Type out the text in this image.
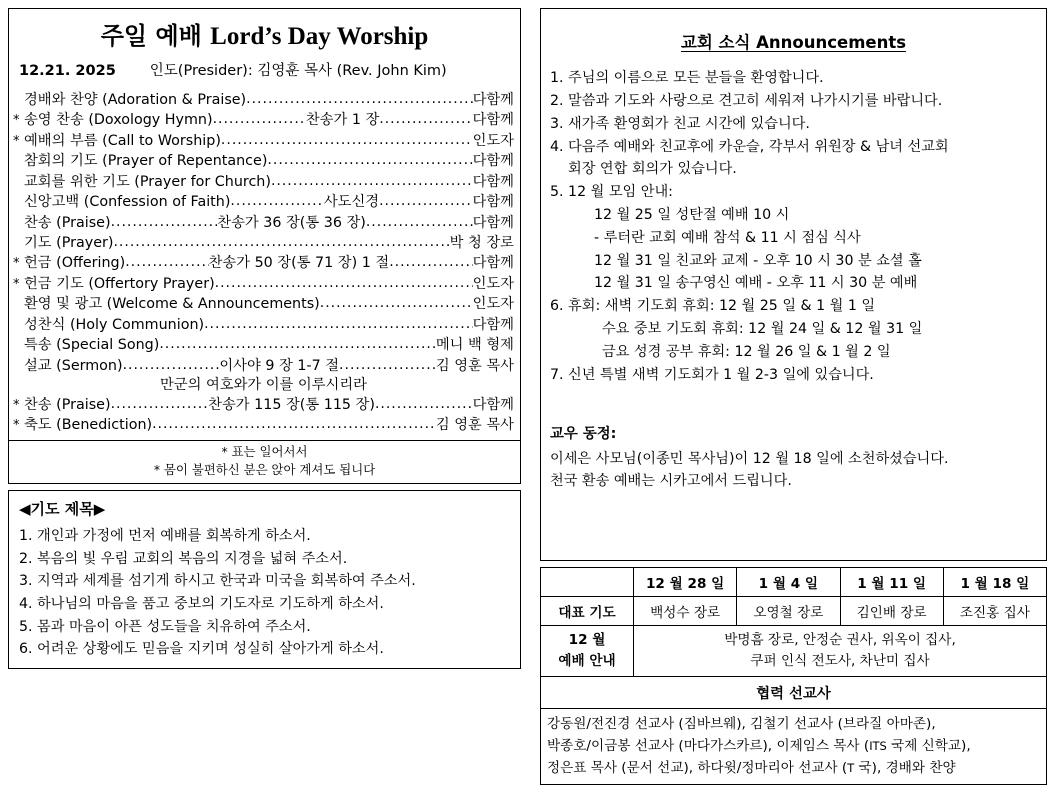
주일 예배 Lord’s Day Worship
12.21. 2025 인도(Presider): 김영훈 목사 (Rev. John Kim)
경배와 찬양 (Adoration & Praise) .....	다함께
* 송영 찬송 (Doxology Hymn) .....	찬송가 1 장 .....	다함께
* 예배의 부름 (Call to Worship) .....	인도자
참회의 기도 (Prayer of Repentance) .....	다함께
교회를 위한 기도 (Prayer for Church) .....	다함께
신앙고백 (Confession of Faith) .....	사도신경 .....	다함께
찬송 (Praise) .....	찬송가 36 장(통 36 장) .....	다함께
기도 (Prayer) .....	박 청 장로
* 헌금 (Offering) .....	찬송가 50 장(통 71 장) 1 절 .....	다함께
* 헌금 기도 (Offertory Prayer) .....	인도자
환영 및 광고 (Welcome & Announcements) .....	인도자
성찬식 (Holy Communion) .....	다함께
특송 (Special Song) .....	메니 백 형제
설교 (Sermon) .....	이사야 9 장 1-7 절 .....	김 영훈 목사
만군의 여호와가 이를 이루시리라
* 찬송 (Praise) .....	찬송가 115 장(통 115 장) .....	다함께
* 축도 (Benediction) .....	김 영훈 목사
* 표는 일어서서
* 몸이 불편하신 분은 앉아 계셔도 됩니다
◀기도 제목▶
1. 개인과 가정에 먼저 예배를 회복하게 하소서.
2. 복음의 빛 우림 교회의 복음의 지경을 넓혀 주소서.
3. 지역과 세계를 섬기게 하시고 한국과 미국을 회복하여 주소서.
4. 하나님의 마음을 품고 중보의 기도자로 기도하게 하소서.
5. 몸과 마음이 아픈 성도들을 치유하여 주소서.
6. 어려운 상황에도 믿음을 지키며 성실히 살아가게 하소서.
교회 소식 Announcements
1. 주님의 이름으로 모든 분들을 환영합니다.
2. 말씀과 기도와 사랑으로 견고히 세워져 나가시기를 바랍니다.
3. 새가족 환영회가 친교 시간에 있습니다.
4. 다음주 예배와 친교후에 카운슬, 각부서 위원장 & 남녀 선교회
회장 연합 회의가 있습니다.
5. 12 월 모임 안내:
12 월 25 일 성탄절 예배 10 시
- 루터란 교회 예배 참석 & 11 시 점심 식사
12 월 31 일 친교와 교제 - 오후 10 시 30 분 쇼셜 홀
12 월 31 일 송구영신 예배 - 오후 11 시 30 분 예배
6. 휴회: 새벽 기도회 휴회: 12 월 25 일 & 1 월 1 일
수요 중보 기도회 휴회: 12 월 24 일 & 12 월 31 일
금요 성경 공부 휴회: 12 월 26 일 & 1 월 2 일
7. 신년 특별 새벽 기도회가 1 월 2-3 일에 있습니다.
교우 동정:
이세은 사모님(이종민 목사님)이 12 월 18 일에 소천하셨습니다.
천국 환송 예배는 시카고에서 드립니다.
	12 월 28 일	1 월 4 일	1 월 11 일	1 월 18 일
대표 기도	백성수 장로	오영철 장로	김인배 장로	조진홍 집사
12 월
예배 안내	박명흠 장로, 안정순 권사, 위옥이 집사,
쿠퍼 인식 전도사, 차난미 집사			
협력 선교사				

강동원/전진경 선교사 (짐바브웨), 김철기 선교사 (브라질 아마존),
박종호/이금봉 선교사 (마다가스카르), 이제임스 목사 (ITS 국제 신학교),
정은표 목사 (문서 선교), 하다윗/정마리아 선교사 (T 국), 경배와 찬양				
